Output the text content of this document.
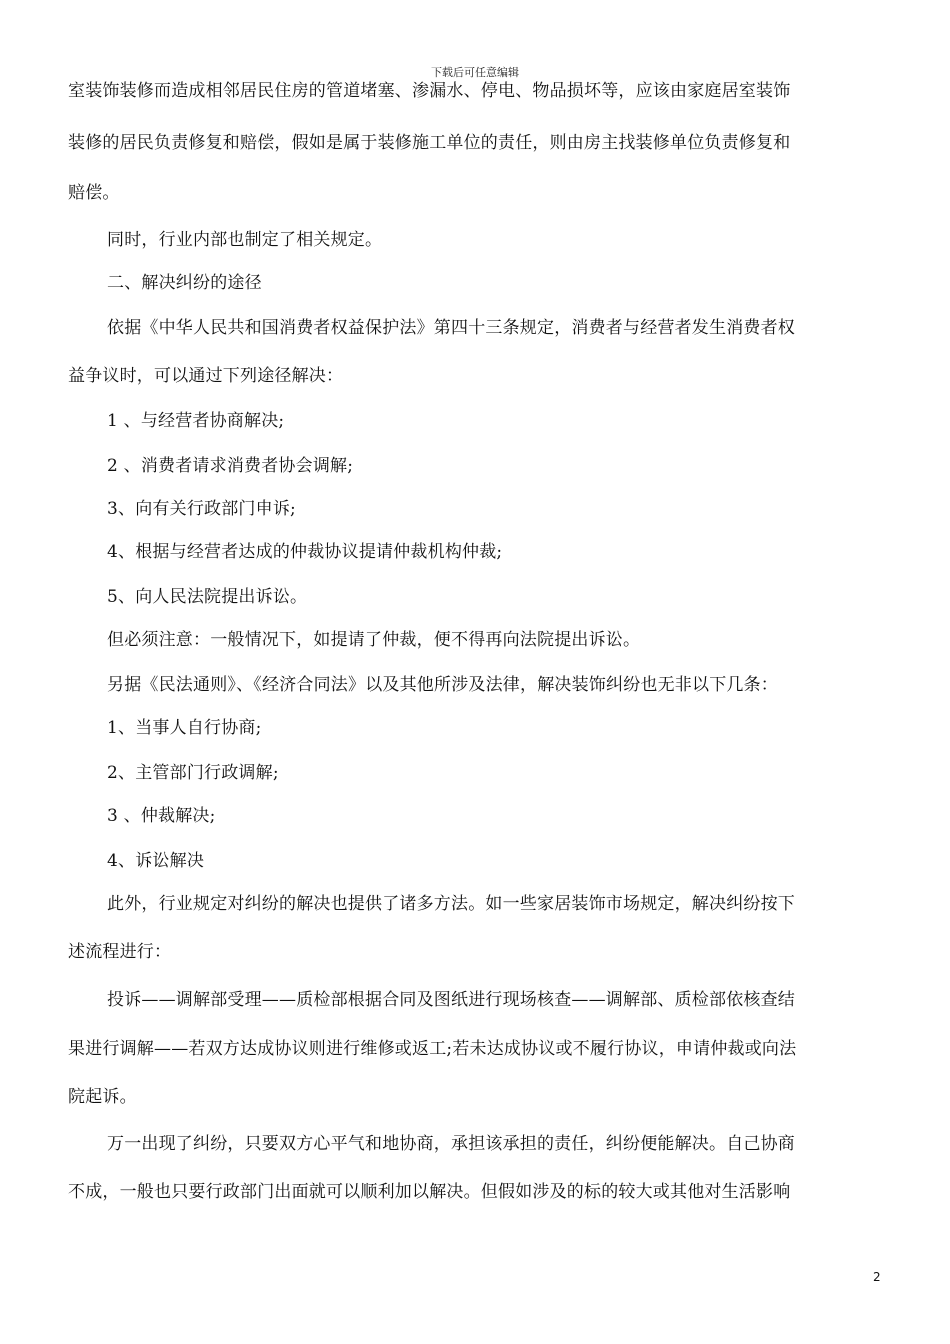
下载后可任意编辑
室装饰装修而造成相邻居民住房的管道堵塞、渗漏水、停电、物品损坏等，应该由家庭居室装饰
装修的居民负责修复和赔偿，假如是属于装修施工单位的责任，则由房主找装修单位负责修复和
赔偿。
同时，行业内部也制定了相关规定。
二、解决纠纷的途径
依据《中华人民共和国消费者权益保护法》第四十三条规定，消费者与经营者发生消费者权
益争议时，可以通过下列途径解决：
1 、与经营者协商解决;
2 、消费者请求消费者协会调解;
3、向有关行政部门申诉;
4、根据与经营者达成的仲裁协议提请仲裁机构仲裁;
5、向人民法院提出诉讼。
但必须注意：一般情况下，如提请了仲裁，便不得再向法院提出诉讼。
另据《民法通则》、《经济合同法》以及其他所涉及法律，解决装饰纠纷也无非以下几条：
1、当事人自行协商;
2、主管部门行政调解;
3 、仲裁解决;
4、诉讼解决
此外，行业规定对纠纷的解决也提供了诸多方法。如一些家居装饰市场规定，解决纠纷按下
述流程进行：
投诉——调解部受理——质检部根据合同及图纸进行现场核查——调解部、质检部依核查结
果进行调解——若双方达成协议则进行维修或返工;若未达成协议或不履行协议，申请仲裁或向法
院起诉。
万一出现了纠纷，只要双方心平气和地协商，承担该承担的责任，纠纷便能解决。自己协商
不成，一般也只要行政部门出面就可以顺利加以解决。但假如涉及的标的较大或其他对生活影响
2
